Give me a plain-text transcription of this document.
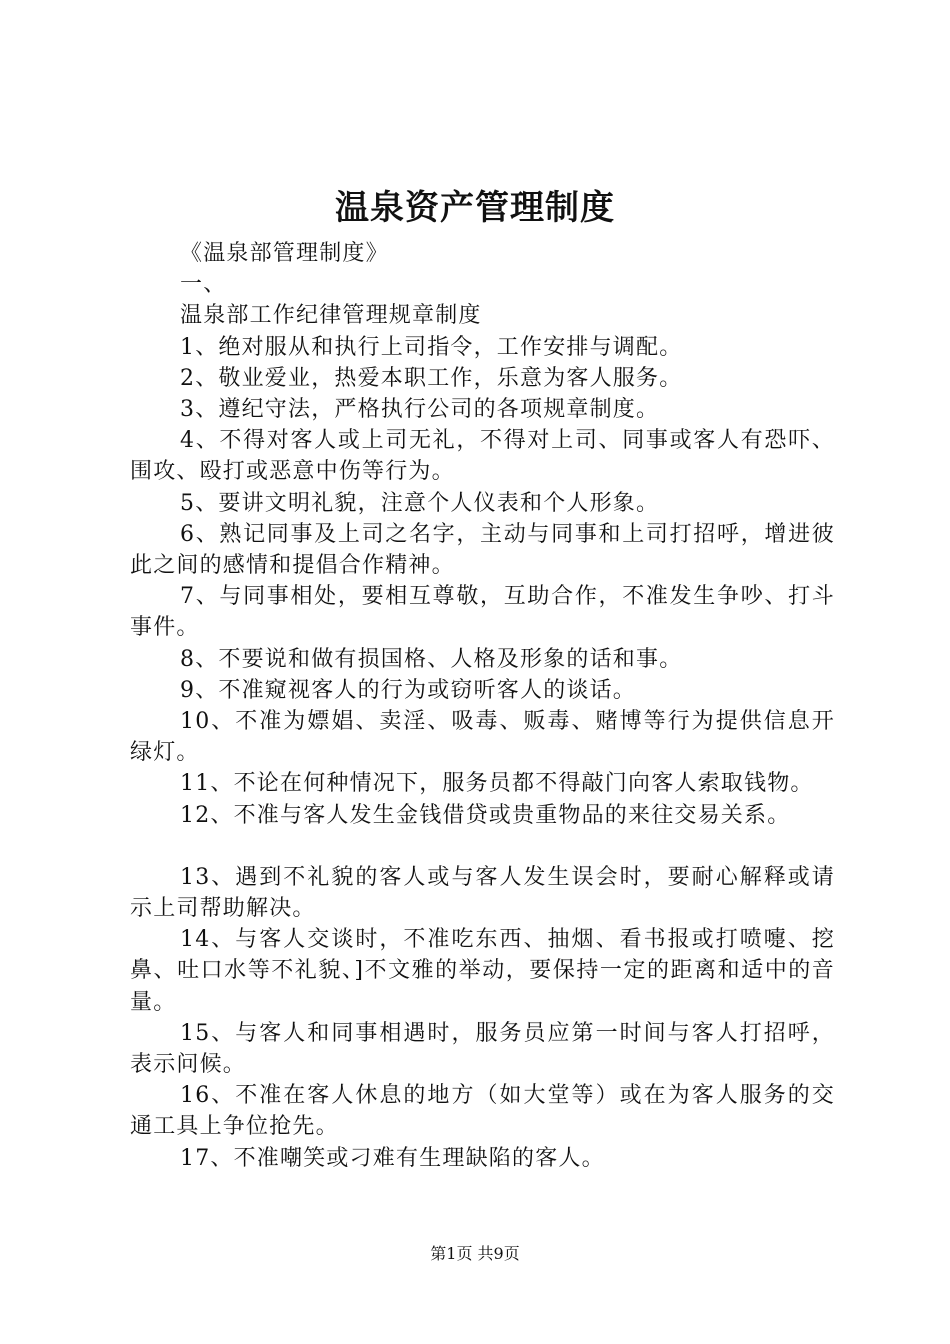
温泉资产管理制度

《温泉部管理制度》

一、

温泉部工作纪律管理规章制度

1、绝对服从和执行上司指令，工作安排与调配。

2、敬业爱业，热爱本职工作，乐意为客人服务。

3、遵纪守法，严格执行公司的各项规章制度。

4、不得对客人或上司无礼，不得对上司、同事或客人有恐吓、围攻、殴打或恶意中伤等行为。

5、要讲文明礼貌，注意个人仪表和个人形象。

6、熟记同事及上司之名字，主动与同事和上司打招呼，增进彼此之间的感情和提倡合作精神。

7、与同事相处，要相互尊敬，互助合作，不准发生争吵、打斗事件。

8、不要说和做有损国格、人格及形象的话和事。

9、不准窥视客人的行为或窃听客人的谈话。

10、不准为嫖娼、卖淫、吸毒、贩毒、赌博等行为提供信息开绿灯。

11、不论在何种情况下，服务员都不得敲门向客人索取钱物。

12、不准与客人发生金钱借贷或贵重物品的来往交易关系。

13、遇到不礼貌的客人或与客人发生误会时，要耐心解释或请示上司帮助解决。

14、与客人交谈时，不准吃东西、抽烟、看书报或打喷嚏、挖鼻、吐口水等不礼貌、]不文雅的举动，要保持一定的距离和适中的音量。

15、与客人和同事相遇时，服务员应第一时间与客人打招呼，表示问候。

16、不准在客人休息的地方（如大堂等）或在为客人服务的交通工具上争位抢先。

17、不准嘲笑或刁难有生理缺陷的客人。

第1页 共9页
